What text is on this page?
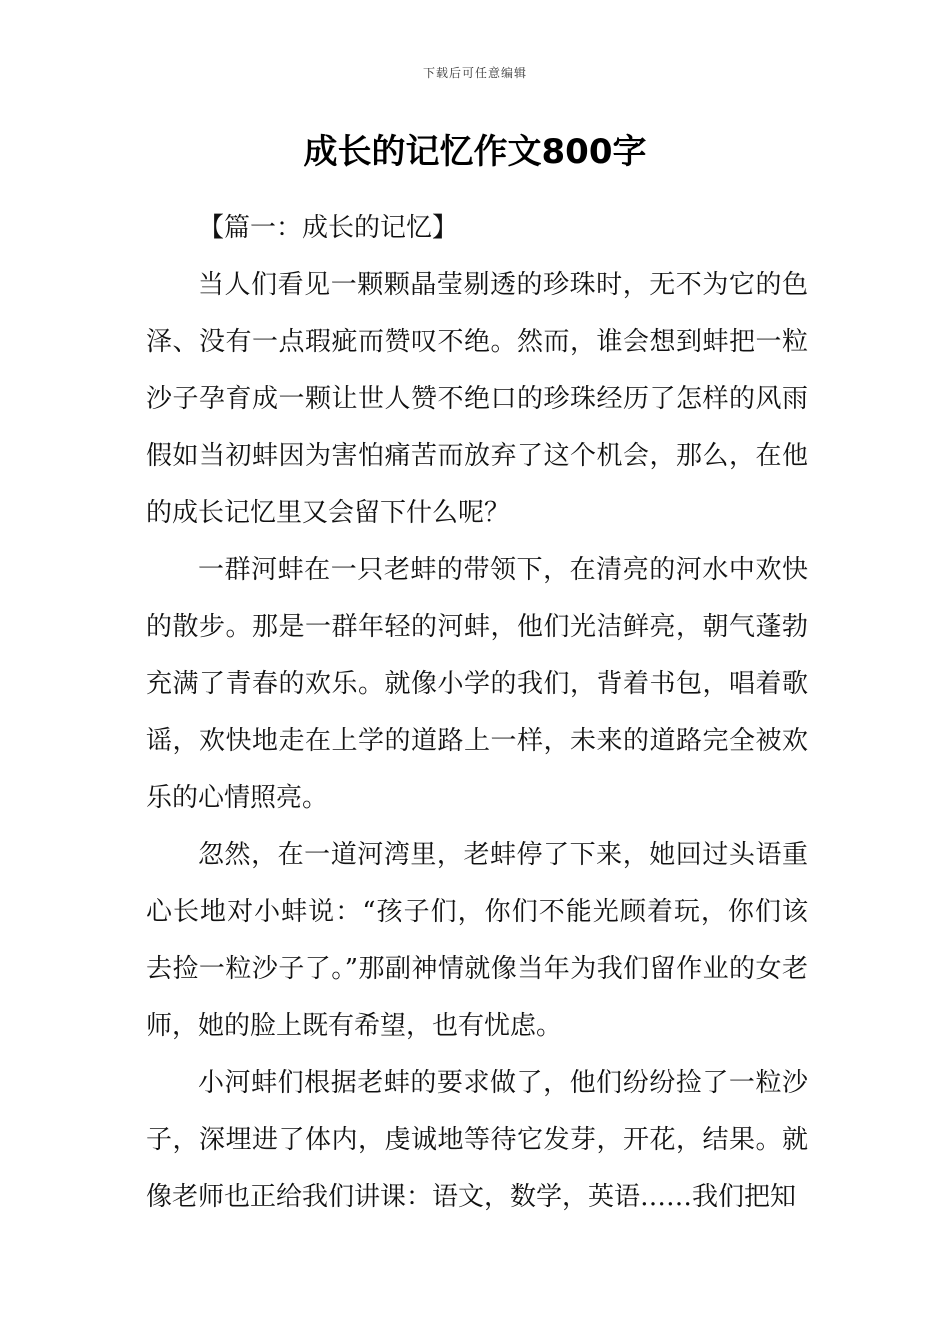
下载后可任意编辑
成长的记忆作文800字

【篇一：成长的记忆】

当人们看见一颗颗晶莹剔透的珍珠时，无不为它的色泽、没有一点瑕疵而赞叹不绝。然而，谁会想到蚌把一粒沙子孕育成一颗让世人赞不绝口的珍珠经历了怎样的风雨假如当初蚌因为害怕痛苦而放弃了这个机会，那么，在他的成长记忆里又会留下什么呢？

一群河蚌在一只老蚌的带领下，在清亮的河水中欢快的散步。那是一群年轻的河蚌，他们光洁鲜亮，朝气蓬勃充满了青春的欢乐。就像小学的我们，背着书包，唱着歌谣，欢快地走在上学的道路上一样，未来的道路完全被欢乐的心情照亮。

忽然，在一道河湾里，老蚌停了下来，她回过头语重心长地对小蚌说：“孩子们，你们不能光顾着玩，你们该去捡一粒沙子了。”那副神情就像当年为我们留作业的女老师，她的脸上既有希望，也有忧虑。

小河蚌们根据老蚌的要求做了，他们纷纷捡了一粒沙子，深埋进了体内，虔诚地等待它发芽，开花，结果。就像老师也正给我们讲课：语文，数学，英语……我们把知
